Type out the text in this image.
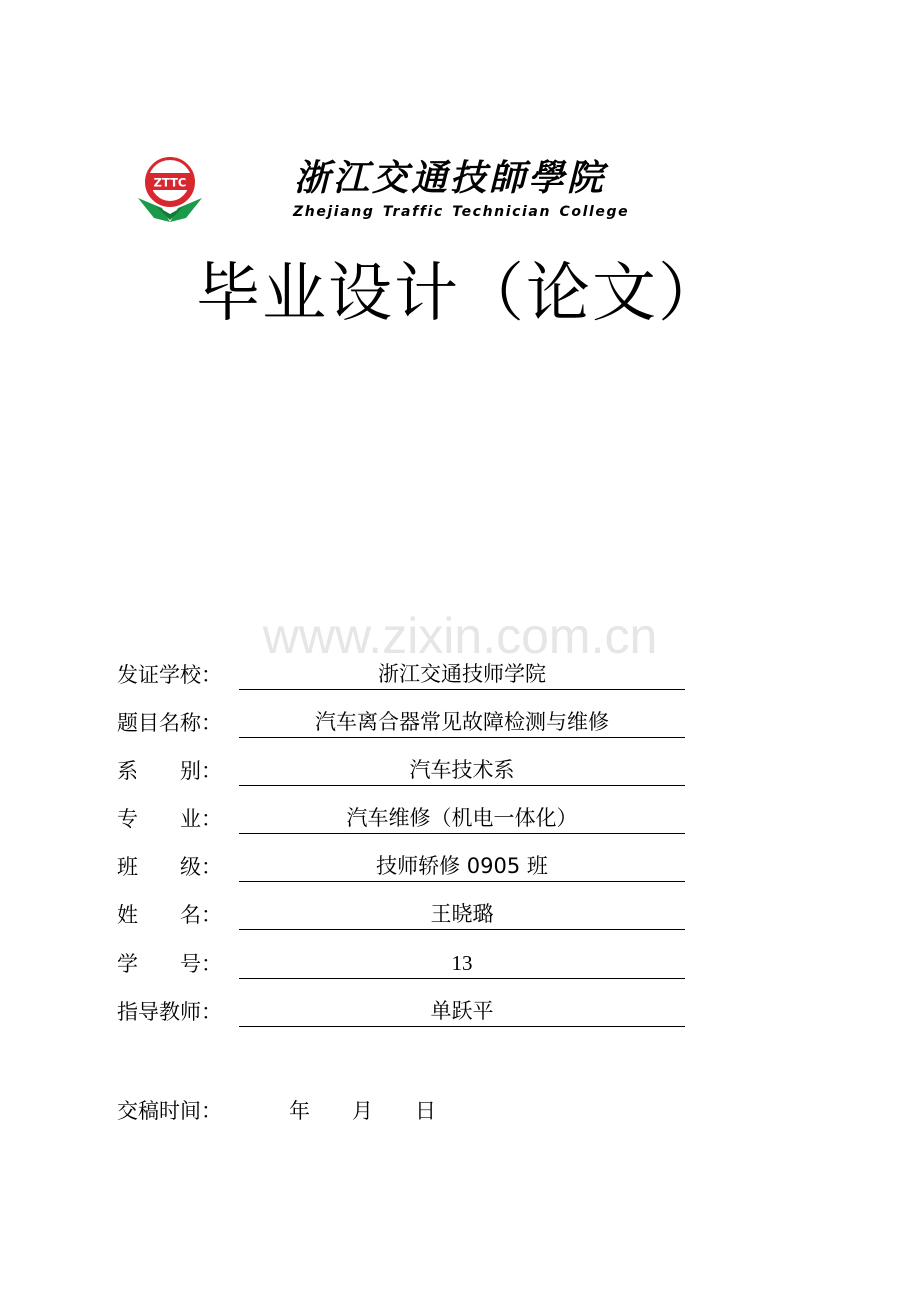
ZTTC	浙江交通技師學院
Zhejiang Traffic Technician College
毕业设计（论文）
www.zixin.com.cn
发证学校：	浙江交通技师学院
题目名称：	汽车离合器常见故障检测与维修
系　　别：	汽车技术系
专　　业：	汽车维修（机电一体化）
班　　级：	技师轿修 0905 班
姓　　名：	王晓璐
学　　号：	13
指导教师：	单跃平
交稿时间：	年 月 日
